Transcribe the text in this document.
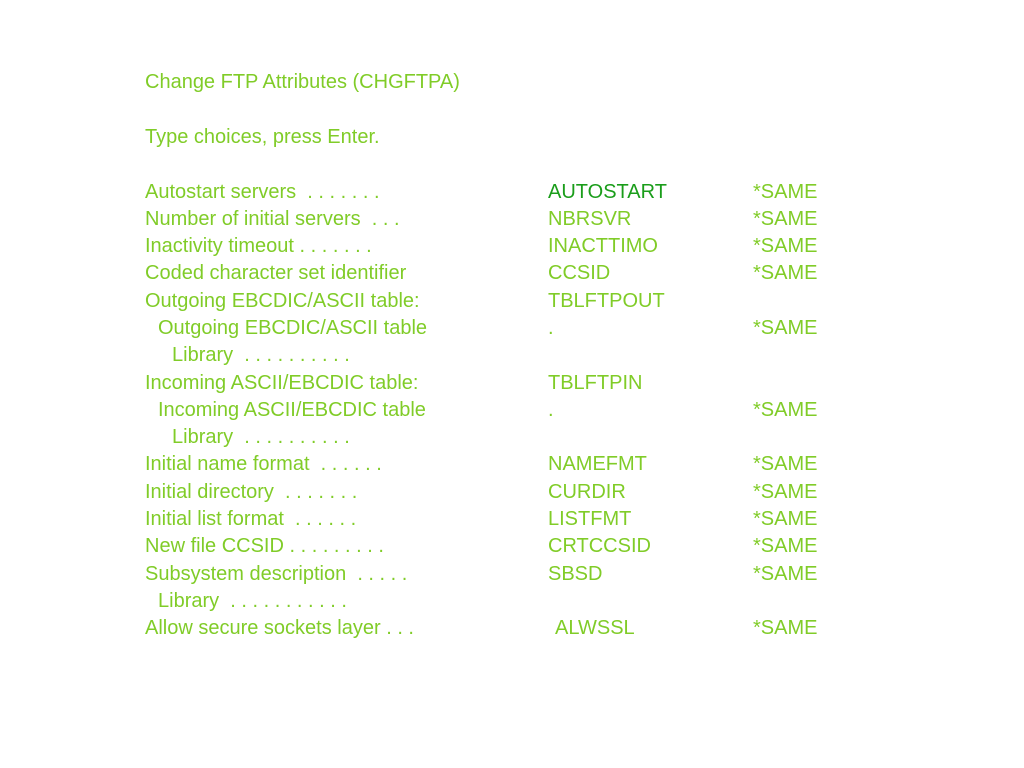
Change FTP Attributes (CHGFTPA)
Type choices, press Enter.
Autostart servers  . . . . . . .	AUTOSTART	*SAME
Number of initial servers  . . .	NBRSVR	*SAME
Inactivity timeout . . . . . . .	INACTTIMO	*SAME
Coded character set identifier	CCSID	*SAME
Outgoing EBCDIC/ASCII table:	TBLFTPOUT
Outgoing EBCDIC/ASCII table	.	*SAME
Library  . . . . . . . . . .
Incoming ASCII/EBCDIC table:	TBLFTPIN
Incoming ASCII/EBCDIC table	.	*SAME
Library  . . . . . . . . . .
Initial name format  . . . . . .	NAMEFMT	*SAME
Initial directory  . . . . . . .	CURDIR	*SAME
Initial list format  . . . . . .	LISTFMT	*SAME
New file CCSID . . . . . . . . .	CRTCCSID	*SAME
Subsystem description  . . . . .	SBSD	*SAME
Library  . . . . . . . . . . .
Allow secure sockets layer . . .	ALWSSL	*SAME
